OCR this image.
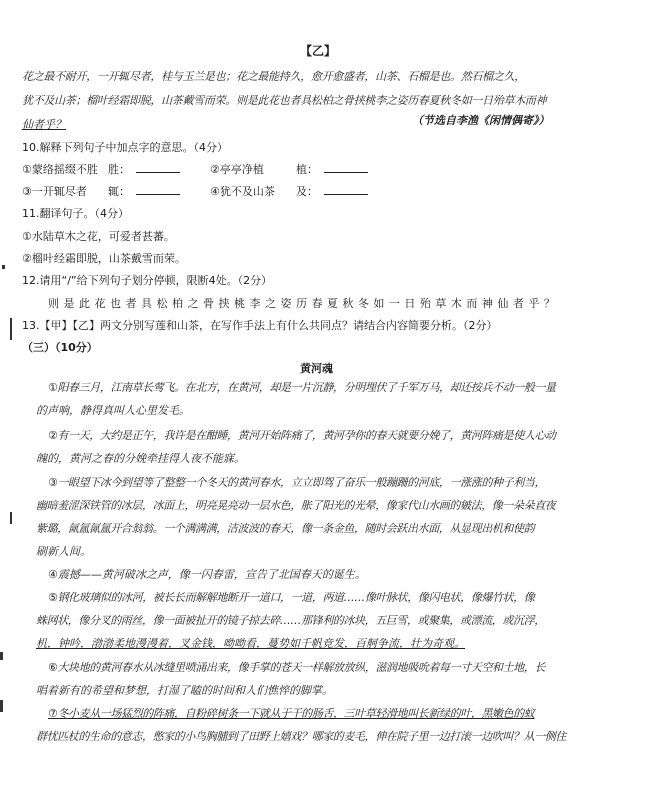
【乙】
花之最不耐开，一开辄尽者，桂与玉兰是也；花之最能持久，愈开愈盛者，山茶、石榴是也。然石榴之久，
犹不及山茶；榴叶经霜即脱，山茶戴雪而荣。则是此花也者具松柏之骨挟桃李之姿历春夏秋冬如一日殆草木而神
仙者乎？	（节选自李渔《闲情偶寄》）
10.解释下列句子中加点字的意思。（4分）
①蒙络摇缀不胜 胜：	②亭亭净植	植：
③一开辄尽者 辄：	④犹不及山茶 及：
11.翻译句子。（4分）
①水陆草木之花，可爱者甚蕃。
②榴叶经霜即脱，山茶戴雪而荣。
12.请用“/”给下列句子划分停顿，限断4处。（2分）
则 是 此 花 也 者 具 松 柏 之 骨 挟 桃 李 之 姿 历 春 夏 秋 冬 如 一 日 殆 草 木 而 神 仙 者 乎 ？
13.【甲】【乙】两文分别写莲和山茶，在写作手法上有什么共同点？请结合内容简要分析。（2分）
（三）（10分）
黄河魂
①阳春三月，江南草长莺飞。在北方，在黄河，却是一片沉静，分明埋伏了千军万马，却还按兵不动一般一量
的声响，静得真叫人心里发毛。
②有一天，大约是正午，我许是在酣睡，黄河开始阵痛了，黄河孕你的春天就要分娩了，黄河阵痛是使人心动
魄的，黄河之春的分娩牵挂得人夜不能寐。
③一眼望下冰今到望等了整整一个冬天的黄河春水，立立即驾了奋乐一般蹦跚的河底，一涨涨的种子利当，
幽暗羞涩深铁管的冰层，冰面上，明亮晃亮动一层水色，胀了阳光的光晕，像家代山水画的皴法，像一朵朵直夜
紫璐，氤氲氤氲开合翁翁。一个满满满，洁波波的春天，像一条金鱼，随时会跃出水面，从显现出机和使韵
刷新人间。
④震撼——黄河破冰之声，像一闪春雷，宣告了北国春天的诞生。
⑤钢化玻璃似的冰河，被长长而解解地断开一道口，一道，两道……像叶脉状，像闪电状，像爆竹状，像
蛛网状，像分叉的雨丝，像一面被扯开的镜子掠去碎……那锋利的冰块，五巨雪，或聚集，或漂流，或沉浮，
机，钟吟，渤渤柔地漫漫着，叉金钱，呦呦看，蔓势如千帆竞发，百舸争流，壮为奇观。
⑥大块地的黄河春水从冰缝里喷涌出来，像手掌的苍天一样解放放纵，滋润地吸吮着每一寸天空和土地，长
唱着新有的希望和梦想，打湿了瞌的时间和人们憔悴的脚掌。
⑦冬小麦从一场猛烈的阵痛，自粉碎树条一下就从于干的肠舌，三叶草轻滑地叫长新绿的叶，黑嫩色的蚁
群忧匹杖的生命的意志，憋家的小鸟胸脯到了田野上嬉戏？哪家的麦毛，伸在院子里一边打滚一边吹叫？从一侧住
